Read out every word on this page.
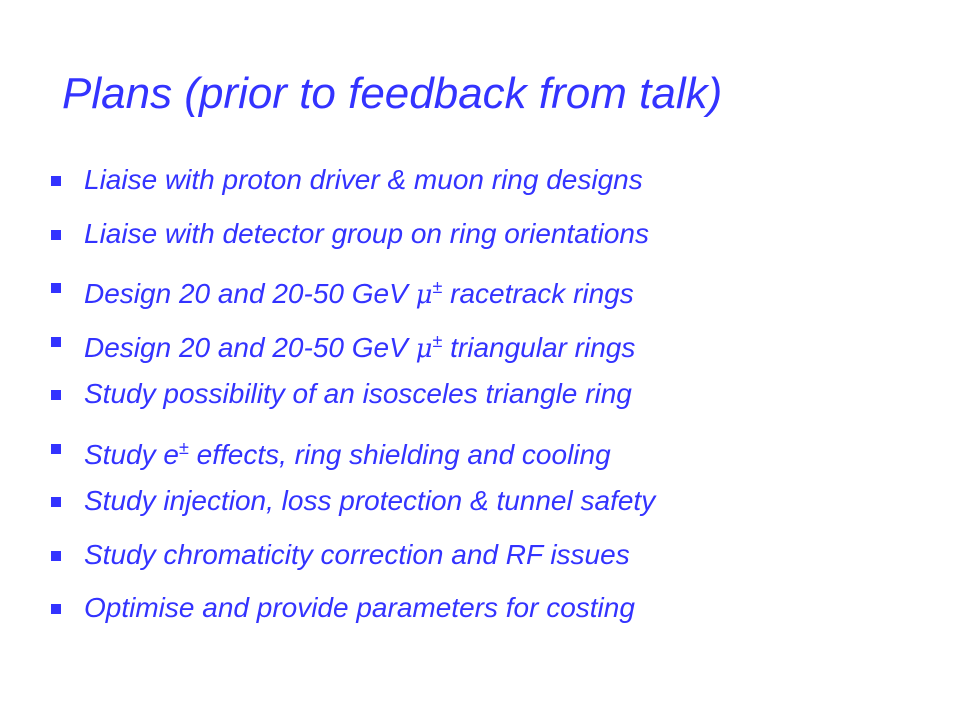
Plans (prior to feedback from talk)
Liaise with proton driver & muon ring designs
Liaise with detector group on ring orientations
Design 20 and 20-50 GeV μ± racetrack rings
Design 20 and 20-50 GeV μ± triangular rings
Study possibility of an isosceles triangle ring
Study e± effects, ring shielding and cooling
Study injection, loss protection & tunnel safety
Study chromaticity correction and RF issues
Optimise and provide parameters for costing
